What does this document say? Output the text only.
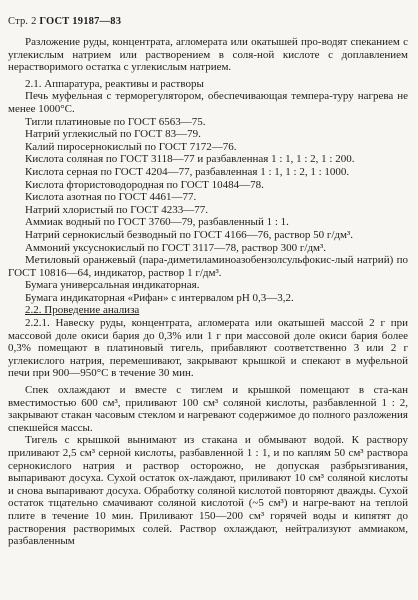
Стр. 2 ГОСТ 19187—83

Разложение руды, концентрата, агломерата или окатышей про-водят спеканием с углекислым натрием или растворением в соля-ной кислоте с доплавлением нерастворимого остатка с углекислым натрием.

2.1. Аппаратура, реактивы и растворы

Печь муфельная с терморегулятором, обеспечивающая темпера-туру нагрева не менее 1000°С.

Тигли платиновые по ГОСТ 6563—75.

Натрий углекислый по ГОСТ 83—79.

Калий пиросернокислый по ГОСТ 7172—76.

Кислота соляная по ГОСТ 3118—77 и разбавленная 1 : 1, 1 : 2, 1 : 200.

Кислота серная по ГОСТ 4204—77, разбавленная 1 : 1, 1 : 2, 1 : 1000.

Кислота фтористоводородная по ГОСТ 10484—78.

Кислота азотная по ГОСТ 4461—77.

Натрий хлористый по ГОСТ 4233—77.

Аммиак водный по ГОСТ 3760—79, разбавленный 1 : 1.

Натрий сернокислый безводный по ГОСТ 4166—76, раствор 50 г/дм³.

Аммоний уксуснокислый по ГОСТ 3117—78, раствор 300 г/дм³.

Метиловый оранжевый (пара-диметиламиноазобензолсульфокис-лый натрий) по ГОСТ 10816—64, индикатор, раствор 1 г/дм³.

Бумага универсальная индикаторная.

Бумага индикаторная «Рифан» с интервалом рН 0,3—3,2.

2.2. Проведение анализа

2.2.1. Навеску руды, концентрата, агломерата или окатышей массой 2 г при массовой доле окиси бария до 0,3% или 1 г при массовой доле окиси бария более 0,3% помещают в платиновый тигель, прибавляют соответственно 3 или 2 г углекислого натрия, перемешивают, закрывают крышкой и спекают в муфельной печи при 900—950°С в течение 30 мин.

Спек охлаждают и вместе с тиглем и крышкой помещают в ста-кан вместимостью 600 см³, приливают 100 см³ соляной кислоты, разбавленной 1 : 2, закрывают стакан часовым стеклом и нагревают содержимое до полного разложения спекшейся массы.

Тигель с крышкой вынимают из стакана и обмывают водой. К раствору приливают 2,5 см³ серной кислоты, разбавленной 1 : 1, и по каплям 50 см³ раствора сернокислого натрия и раствор осторожно, не допуская разбрызгивания, выпаривают досуха. Сухой остаток ох-лаждают, приливают 10 см³ соляной кислоты и снова выпаривают досуха. Обработку соляной кислотой повторяют дважды. Сухой остаток тщательно смачивают соляной кислотой (~5 см³) и нагре-вают на теплой плите в течение 10 мин. Приливают 150—200 см³ горячей воды и кипятят до растворения растворимых солей. Раствор охлаждают, нейтрализуют аммиаком, разбавленным
